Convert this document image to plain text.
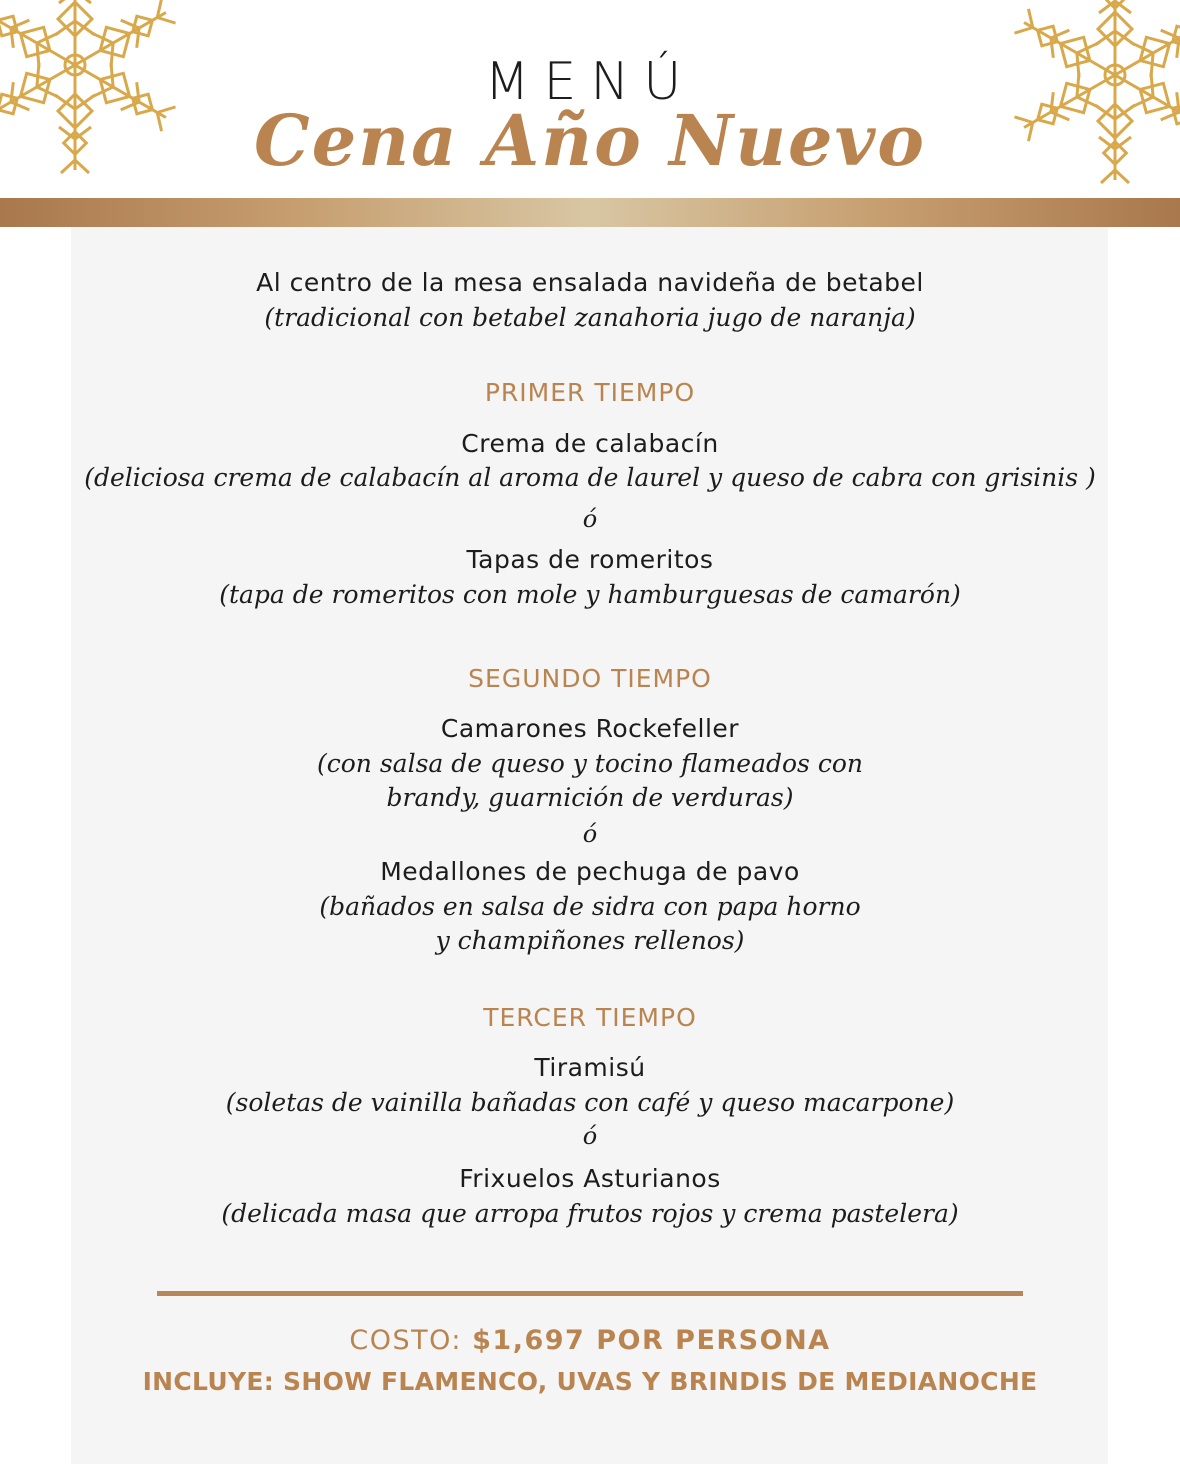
MENÚ
Cena Año Nuevo
Al centro de la mesa ensalada navideña de betabel
(tradicional con betabel zanahoria jugo de naranja)
PRIMER TIEMPO
Crema de calabacín
(deliciosa crema de calabacín al aroma de laurel y queso de cabra con grisinis )
ó
Tapas de romeritos
(tapa de romeritos con mole y hamburguesas de camarón)
SEGUNDO TIEMPO
Camarones Rockefeller
(con salsa de queso y tocino flameados con
brandy, guarnición de verduras)
ó
Medallones de pechuga de pavo
(bañados en salsa de sidra con papa horno
y champiñones rellenos)
TERCER TIEMPO
Tiramisú
(soletas de vainilla bañadas con café y queso macarpone)
ó
Frixuelos Asturianos
(delicada masa que arropa frutos rojos y crema pastelera)
COSTO: $1,697 POR PERSONA
INCLUYE: SHOW FLAMENCO, UVAS Y BRINDIS DE MEDIANOCHE
